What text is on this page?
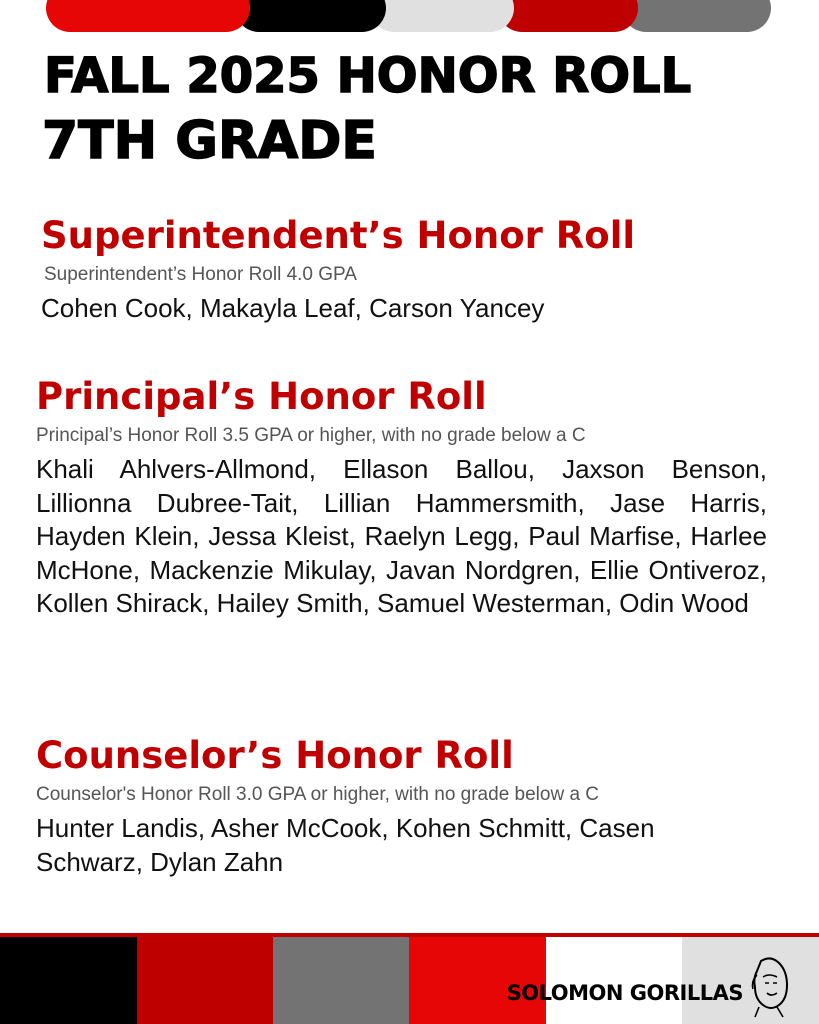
FALL 2025 HONOR ROLL
7TH GRADE
Superintendent’s Honor Roll
Superintendent’s Honor Roll 4.0 GPA
Cohen Cook, Makayla Leaf, Carson Yancey
Principal’s Honor Roll
Principal’s Honor Roll 3.5 GPA or higher, with no grade below a C
Khali Ahlvers-Allmond, Ellason Ballou, Jaxson Benson, Lillionna Dubree-Tait, Lillian Hammersmith, Jase Harris, Hayden Klein, Jessa Kleist, Raelyn Legg, Paul Marfise, Harlee McHone, Mackenzie Mikulay, Javan Nordgren, Ellie Ontiveroz, Kollen Shirack, Hailey Smith, Samuel Westerman, Odin Wood
Counselor’s Honor Roll
Counselor's Honor Roll 3.0 GPA or higher, with no grade below a C
Hunter Landis, Asher McCook, Kohen Schmitt, Casen Schwarz, Dylan Zahn
SOLOMON GORILLAS
